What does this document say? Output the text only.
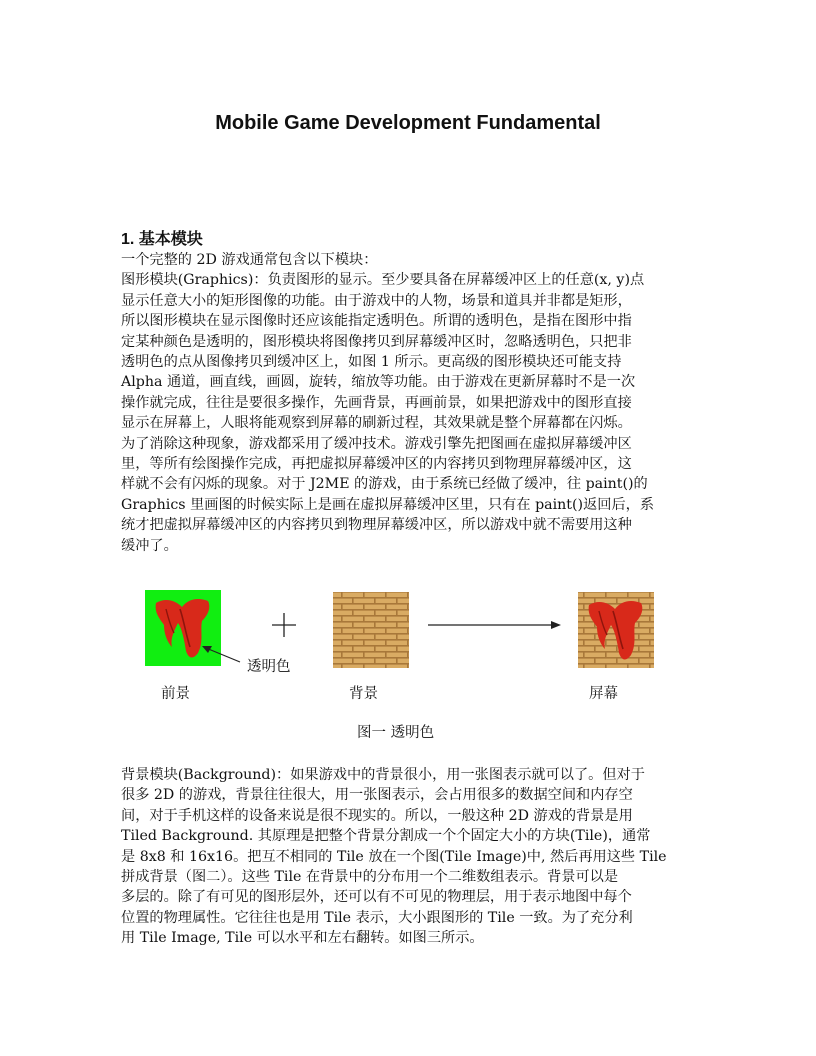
Mobile Game Development Fundamental
1. 基本模块
一个完整的 2D 游戏通常包含以下模块：
图形模块(Graphics)：负责图形的显示。至少要具备在屏幕缓冲区上的任意(x, y)点
显示任意大小的矩形图像的功能。由于游戏中的人物，场景和道具并非都是矩形，
所以图形模块在显示图像时还应该能指定透明色。所谓的透明色，是指在图形中指
定某种颜色是透明的，图形模块将图像拷贝到屏幕缓冲区时，忽略透明色，只把非
透明色的点从图像拷贝到缓冲区上，如图 1 所示。更高级的图形模块还可能支持
Alpha 通道，画直线，画圆，旋转，缩放等功能。由于游戏在更新屏幕时不是一次
操作就完成，往往是要很多操作，先画背景，再画前景，如果把游戏中的图形直接
显示在屏幕上，人眼将能观察到屏幕的刷新过程，其效果就是整个屏幕都在闪烁。
为了消除这种现象，游戏都采用了缓冲技术。游戏引擎先把图画在虚拟屏幕缓冲区
里，等所有绘图操作完成，再把虚拟屏幕缓冲区的内容拷贝到物理屏幕缓冲区，这
样就不会有闪烁的现象。对于 J2ME 的游戏，由于系统已经做了缓冲，往 paint()的
Graphics 里画图的时候实际上是画在虚拟屏幕缓冲区里，只有在 paint()返回后，系
统才把虚拟屏幕缓冲区的内容拷贝到物理屏幕缓冲区，所以游戏中就不需要用这种
缓冲了。
透明色
前景	背景	屏幕
图一 透明色
背景模块(Background)：如果游戏中的背景很小，用一张图表示就可以了。但对于
很多 2D 的游戏，背景往往很大，用一张图表示，会占用很多的数据空间和内存空
间，对于手机这样的设备来说是很不现实的。所以，一般这种 2D 游戏的背景是用
Tiled Background. 其原理是把整个背景分割成一个个固定大小的方块(Tile)，通常
是 8x8 和 16x16。把互不相同的 Tile 放在一个图(Tile Image)中, 然后再用这些 Tile
拼成背景（图二）。这些 Tile 在背景中的分布用一个二维数组表示。背景可以是
多层的。除了有可见的图形层外，还可以有不可见的物理层，用于表示地图中每个
位置的物理属性。它往往也是用 Tile 表示，大小跟图形的 Tile 一致。为了充分利
用 Tile Image, Tile 可以水平和左右翻转。如图三所示。
